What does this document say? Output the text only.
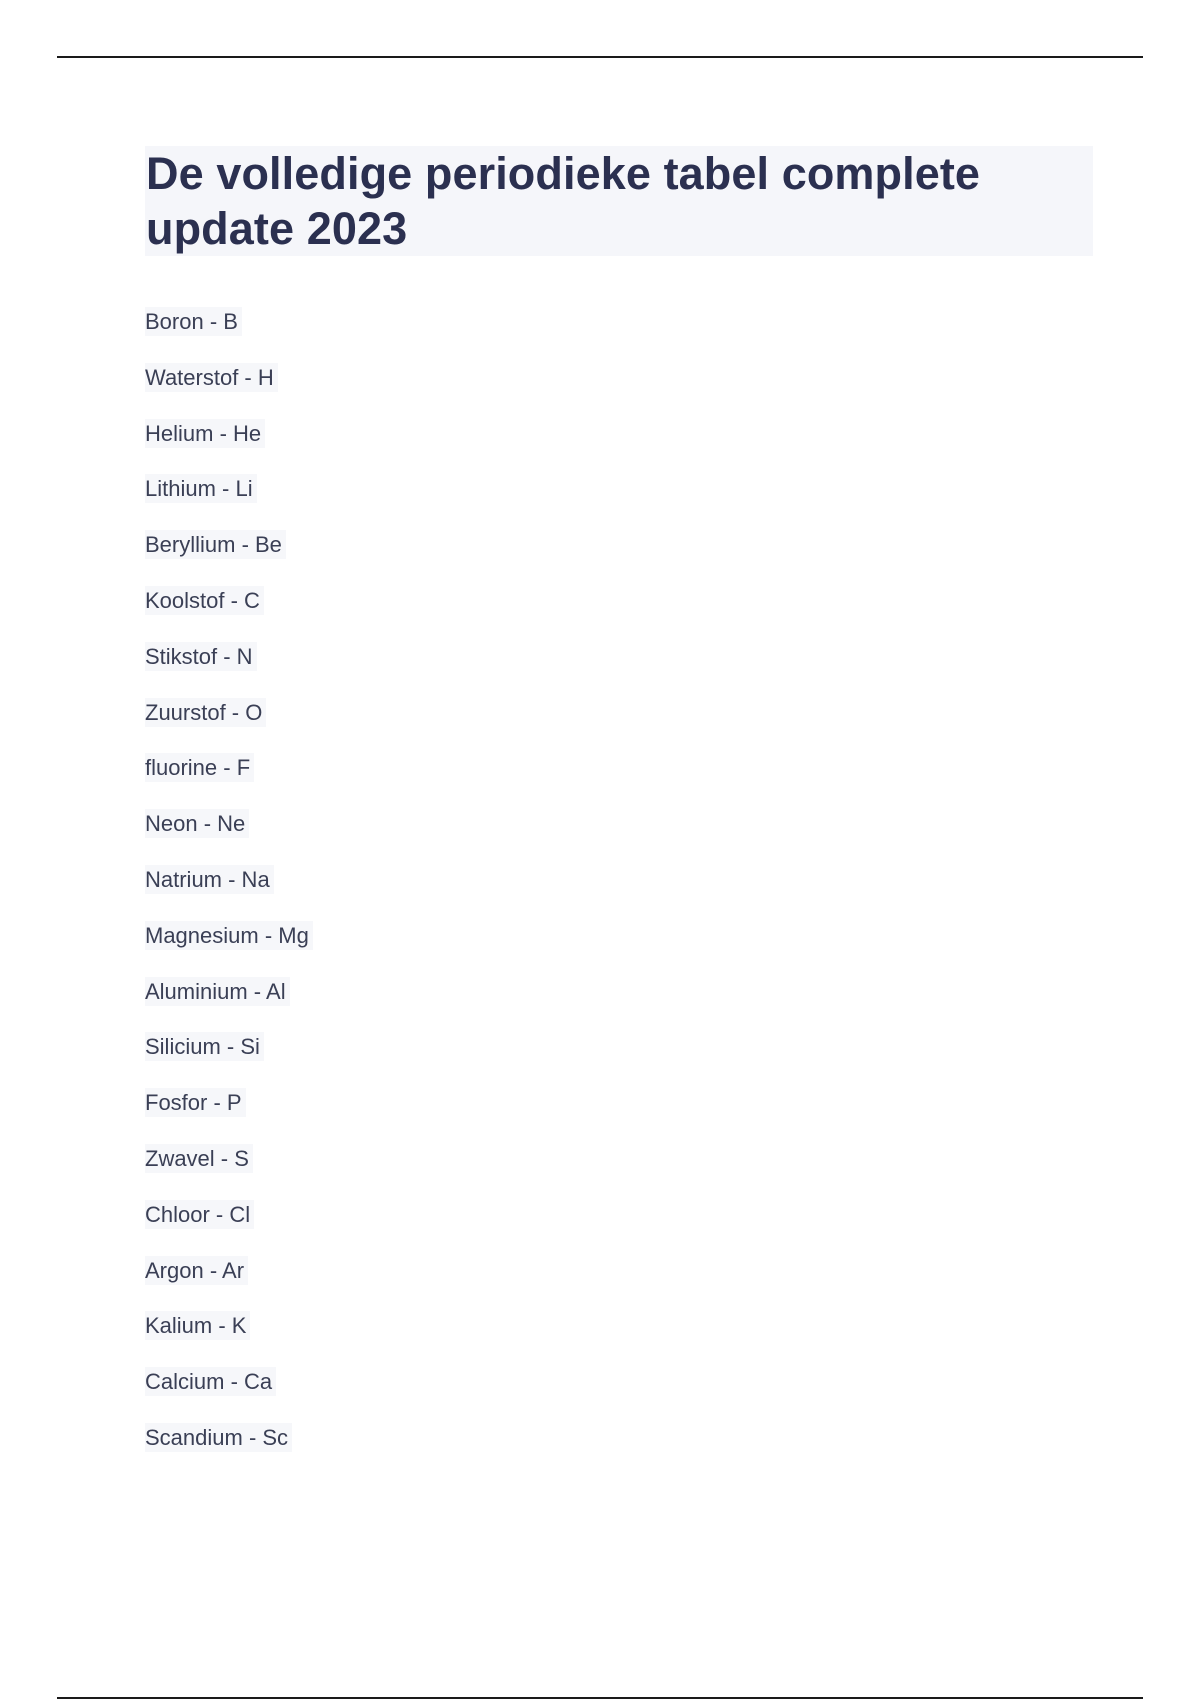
De volledige periodieke tabel complete update 2023
Boron - B
Waterstof - H
Helium - He
Lithium - Li
Beryllium - Be
Koolstof - C
Stikstof - N
Zuurstof - O
fluorine - F
Neon - Ne
Natrium - Na
Magnesium - Mg
Aluminium - Al
Silicium - Si
Fosfor - P
Zwavel - S
Chloor - Cl
Argon - Ar
Kalium - K
Calcium - Ca
Scandium - Sc
